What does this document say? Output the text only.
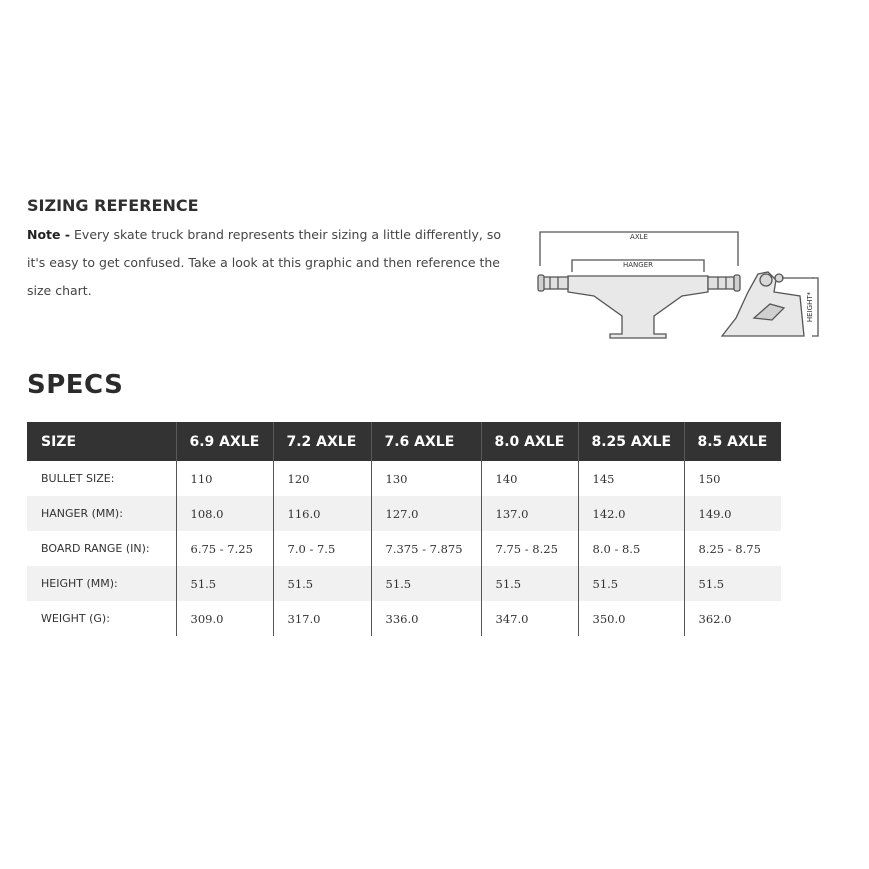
SIZING REFERENCE

Note - Every skate truck brand represents their sizing a little differently, so it's easy to get confused. Take a look at this graphic and then reference the size chart.

AXLE
HANGER
HEIGHT*
SPECS
SIZE	6.9 AXLE	7.2 AXLE	7.6 AXLE	8.0 AXLE	8.25 AXLE	8.5 AXLE
BULLET SIZE:	110	120	130	140	145	150
HANGER (MM):	108.0	116.0	127.0	137.0	142.0	149.0
BOARD RANGE (IN):	6.75 - 7.25	7.0 - 7.5	7.375 - 7.875	7.75 - 8.25	8.0 - 8.5	8.25 - 8.75
HEIGHT (MM):	51.5	51.5	51.5	51.5	51.5	51.5
WEIGHT (G):	309.0	317.0	336.0	347.0	350.0	362.0
